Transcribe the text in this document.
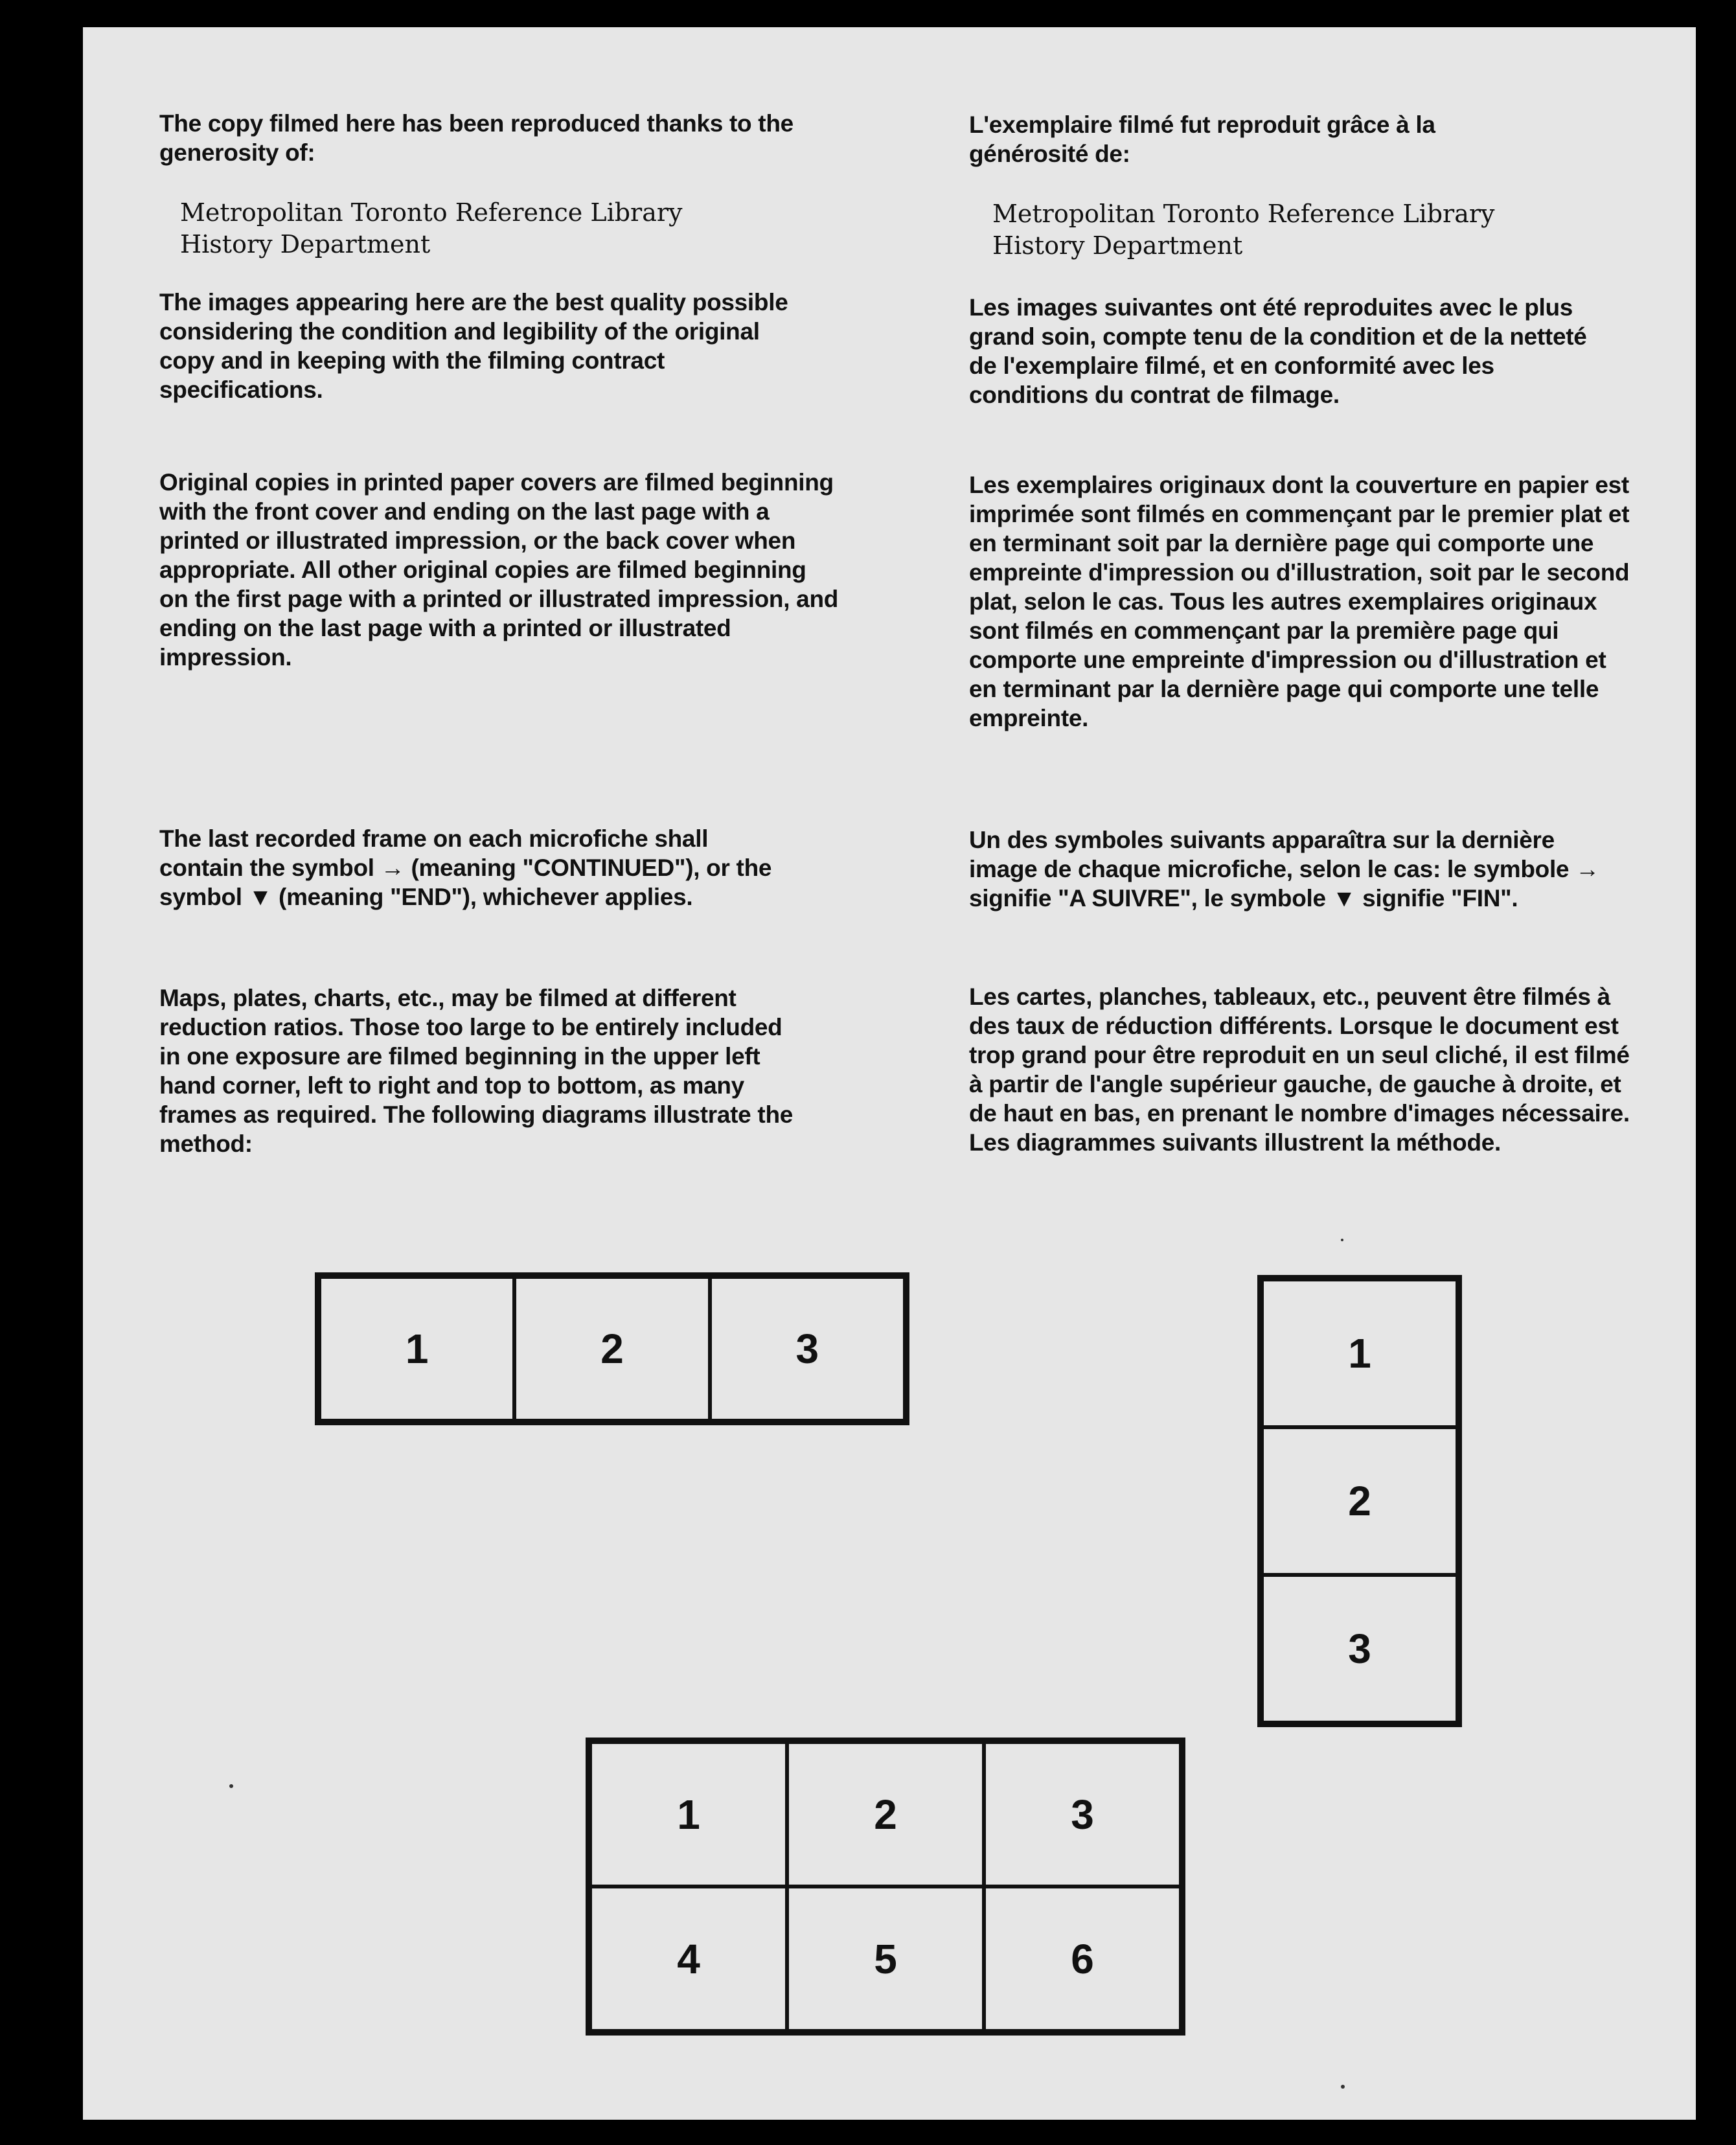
The copy filmed here has been reproduced thanks to the generosity of:

Metropolitan Toronto Reference Library
History Department

The images appearing here are the best quality possible considering the condition and legibility of the original copy and in keeping with the filming contract specifications.

Original copies in printed paper covers are filmed beginning with the front cover and ending on the last page with a printed or illustrated impression, or the back cover when appropriate. All other original copies are filmed beginning on the first page with a printed or illustrated impression, and ending on the last page with a printed or illustrated impression.

The last recorded frame on each microfiche shall contain the symbol → (meaning "CONTINUED"), or the symbol ▼ (meaning "END"), whichever applies.

Maps, plates, charts, etc., may be filmed at different reduction ratios. Those too large to be entirely included in one exposure are filmed beginning in the upper left hand corner, left to right and top to bottom, as many frames as required. The following diagrams illustrate the method:

L'exemplaire filmé fut reproduit grâce à la générosité de:

Metropolitan Toronto Reference Library
History Department

Les images suivantes ont été reproduites avec le plus grand soin, compte tenu de la condition et de la netteté de l'exemplaire filmé, et en conformité avec les conditions du contrat de filmage.

Les exemplaires originaux dont la couverture en papier est imprimée sont filmés en commençant par le premier plat et en terminant soit par la dernière page qui comporte une empreinte d'impression ou d'illustration, soit par le second plat, selon le cas. Tous les autres exemplaires originaux sont filmés en commençant par la première page qui comporte une empreinte d'impression ou d'illustration et en terminant par la dernière page qui comporte une telle empreinte.

Un des symboles suivants apparaîtra sur la dernière image de chaque microfiche, selon le cas: le symbole → signifie "A SUIVRE", le symbole ▼ signifie "FIN".

Les cartes, planches, tableaux, etc., peuvent être filmés à des taux de réduction différents. Lorsque le document est trop grand pour être reproduit en un seul cliché, il est filmé à partir de l'angle supérieur gauche, de gauche à droite, et de haut en bas, en prenant le nombre d'images nécessaire. Les diagrammes suivants illustrent la méthode.

1	2	3	1
2
3
1	2	3
4	5	6
